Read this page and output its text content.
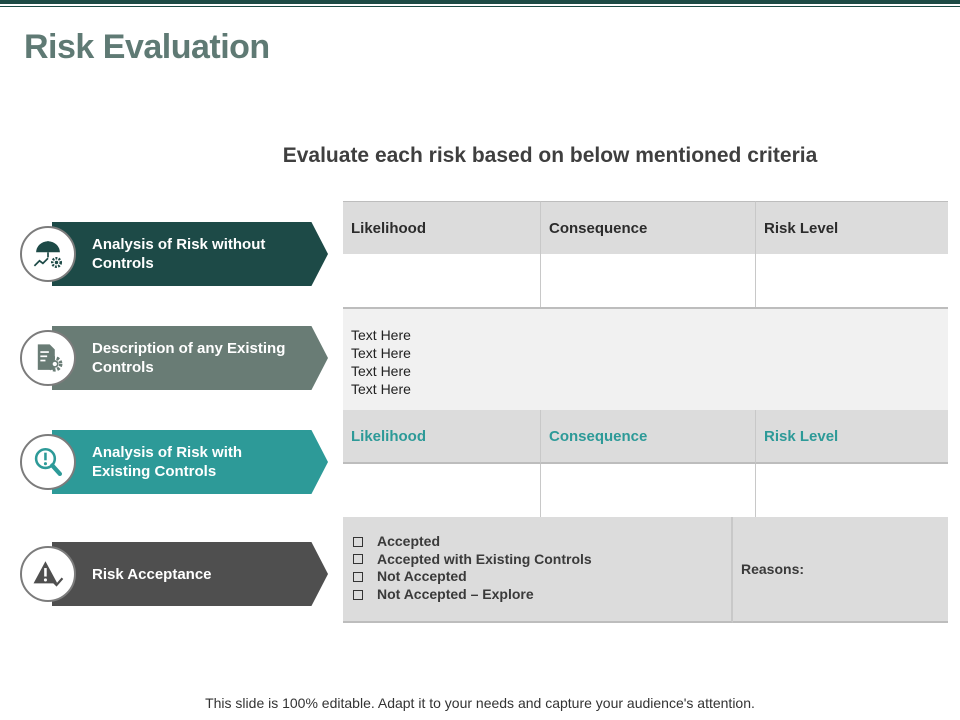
Risk Evaluation
Evaluate each risk based on below mentioned criteria
Analysis of Risk without Controls
Description of any Existing Controls
Analysis of Risk with Existing Controls
Risk Acceptance
Likelihood	Consequence	Risk Level
Text Here
Text Here
Text Here
Text Here
Likelihood	Consequence	Risk Level
Accepted
Accepted with Existing Controls
Not Accepted
Not Accepted – Explore
Reasons:
This slide is 100% editable. Adapt it to your needs and capture your audience's attention.
